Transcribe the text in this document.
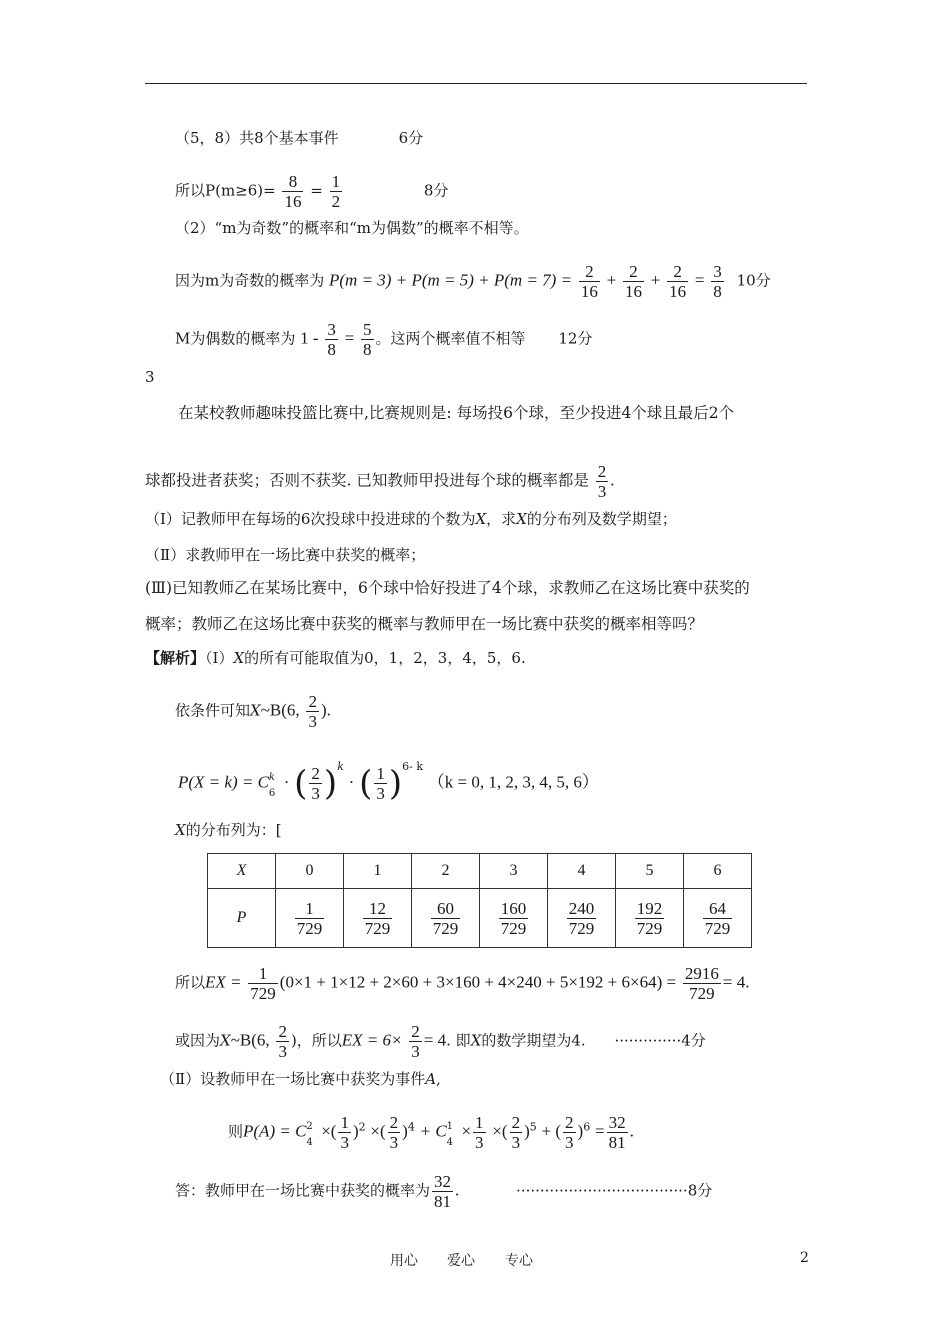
（5，8）共8个基本事件	6分
所以$P(m\ge 6)= \frac{8}{16} = \frac{1}{2}$	8分
（2）“m为奇数”的概率和“m为偶数”的概率不相等。
因为m为奇数的概率为 $P(m = 3) + P(m = 5) + P(m = 7) = \frac{2}{16} + \frac{2}{16} + \frac{2}{16} = \frac{3}{8} 10$分
M为偶数的概率为 $1 - \frac{3}{8} = \frac{5}{8}$ 。这两个概率值不相等 12分
3
在某校教师趣味投篮比赛中,比赛规则是: 每场投6个球，至少投进4个球且最后2个
球都投进者获奖；否则不获奖. 已知教师甲投进每个球的概率都是 $\frac{2}{3}$ .
（Ⅰ）记教师甲在每场的6次投球中投进球的个数为X，求X的分布列及数学期望；
（Ⅱ）求教师甲在一场比赛中获奖的概率；
(Ⅲ)已知教师乙在某场比赛中，6个球中恰好投进了4个球，求教师乙在这场比赛中获奖的
概率；教师乙在这场比赛中获奖的概率与教师甲在一场比赛中获奖的概率相等吗？
【解析】（Ⅰ）X的所有可能取值为0，1，2，3，4，5，6.
依条件可知X~B(6, $\frac{2}{3}$ ).
P(X = k) = C k
6
· ( $\frac{2}{3} )^k$ · ( $\frac{1}{3} )^{6- k}$ （k = 0, 1, 2, 3, 4, 5, 6）
X的分布列为：[
X	0	1	2	3	4	5	6
P	$\frac{1}{729}$	$\frac{12}{729}$	$\frac{60}{729}$	$\frac{160}{729}$	$\frac{240}{729}$	$\frac{192}{729}$	$\frac{64}{729}$
所以EX = $\frac{1}{729} (0\times 1 + 1\times 12 + 2\times 60 + 3\times 160 + 4\times 240 + 5\times 192 + 6\times 64) = \frac{2916}{729} = 4$.
或因为X~B(6, $\frac{2}{3}$ )，所以EX = $6\times \frac{2}{3} = 4$. 即X的数学期望为4. ··············4分
（Ⅱ）设教师甲在一场比赛中获奖为事件A,
则P(A) = C 2
4
×( $\frac{1}{3} )^2$ ×( $\frac{2}{3} )^4 + C$ 1
4
× $\frac{1}{3}$ ×( $\frac{2}{3} )^5$ + ( $\frac{2}{3} )^6 = \frac{32}{81}$ .
答：教师甲在一场比赛中获奖的概率为 $\frac{32}{81}$ .	····································8分
用心 爱心 专心	2
